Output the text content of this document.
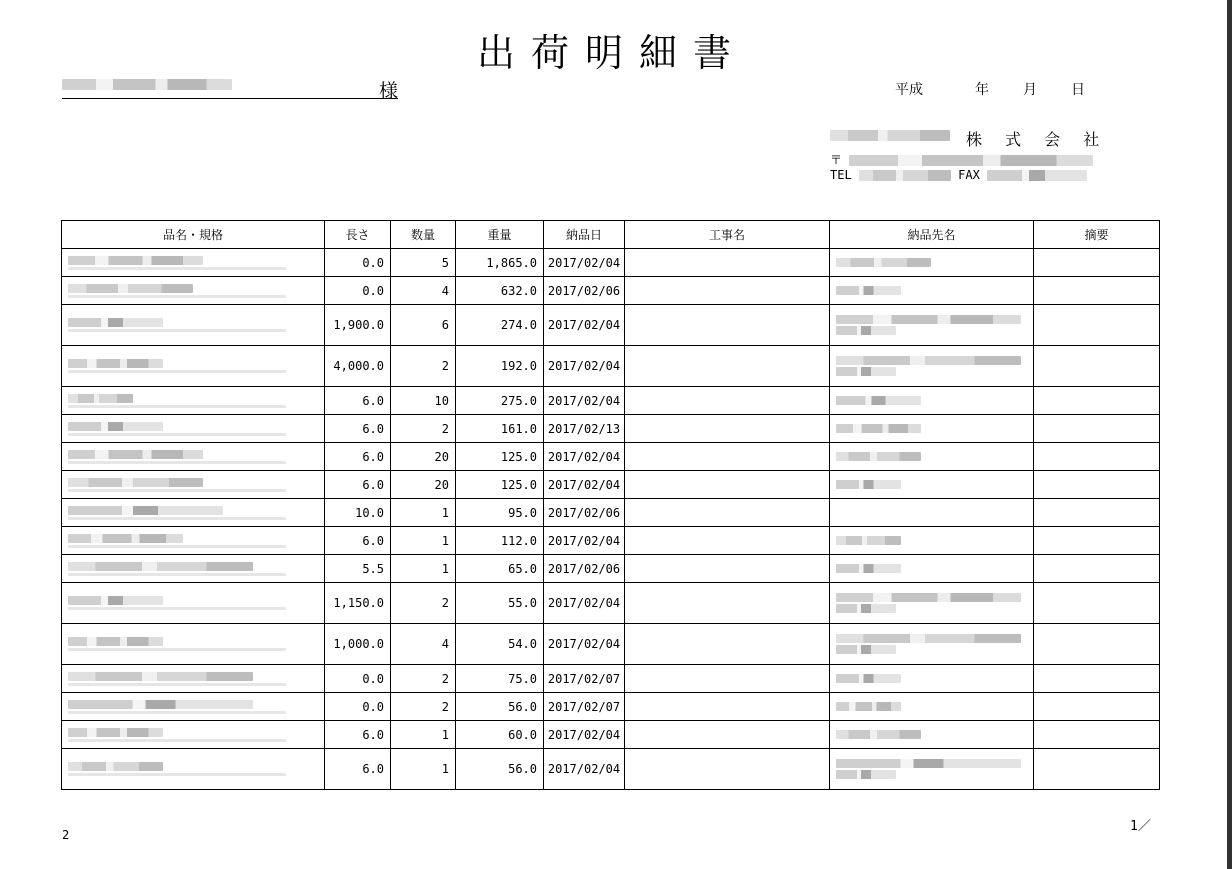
出荷明細書
様	平成	年 月 日
株 式 会 社
〒
TEL	FAX
品名・規格	長さ	数量	重量	納品日	工事名	納品先名	摘要

	0.0	5	1,865.0	2017/02/04		

	0.0	4	632.0	2017/02/06		

	1,900.0	6	274.0	2017/02/04		

	4,000.0	2	192.0	2017/02/04		

	6.0	10	275.0	2017/02/04		

	6.0	2	161.0	2017/02/13		

	6.0	20	125.0	2017/02/04		

	6.0	20	125.0	2017/02/04		

	10.0	1	95.0	2017/02/06			

	6.0	1	112.0	2017/02/04		

	5.5	1	65.0	2017/02/06		

	1,150.0	2	55.0	2017/02/04		

	1,000.0	4	54.0	2017/02/04		

	0.0	2	75.0	2017/02/07		

	0.0	2	56.0	2017/02/07		

	6.0	1	60.0	2017/02/04		

	6.0	1	56.0	2017/02/04		

1／
2
